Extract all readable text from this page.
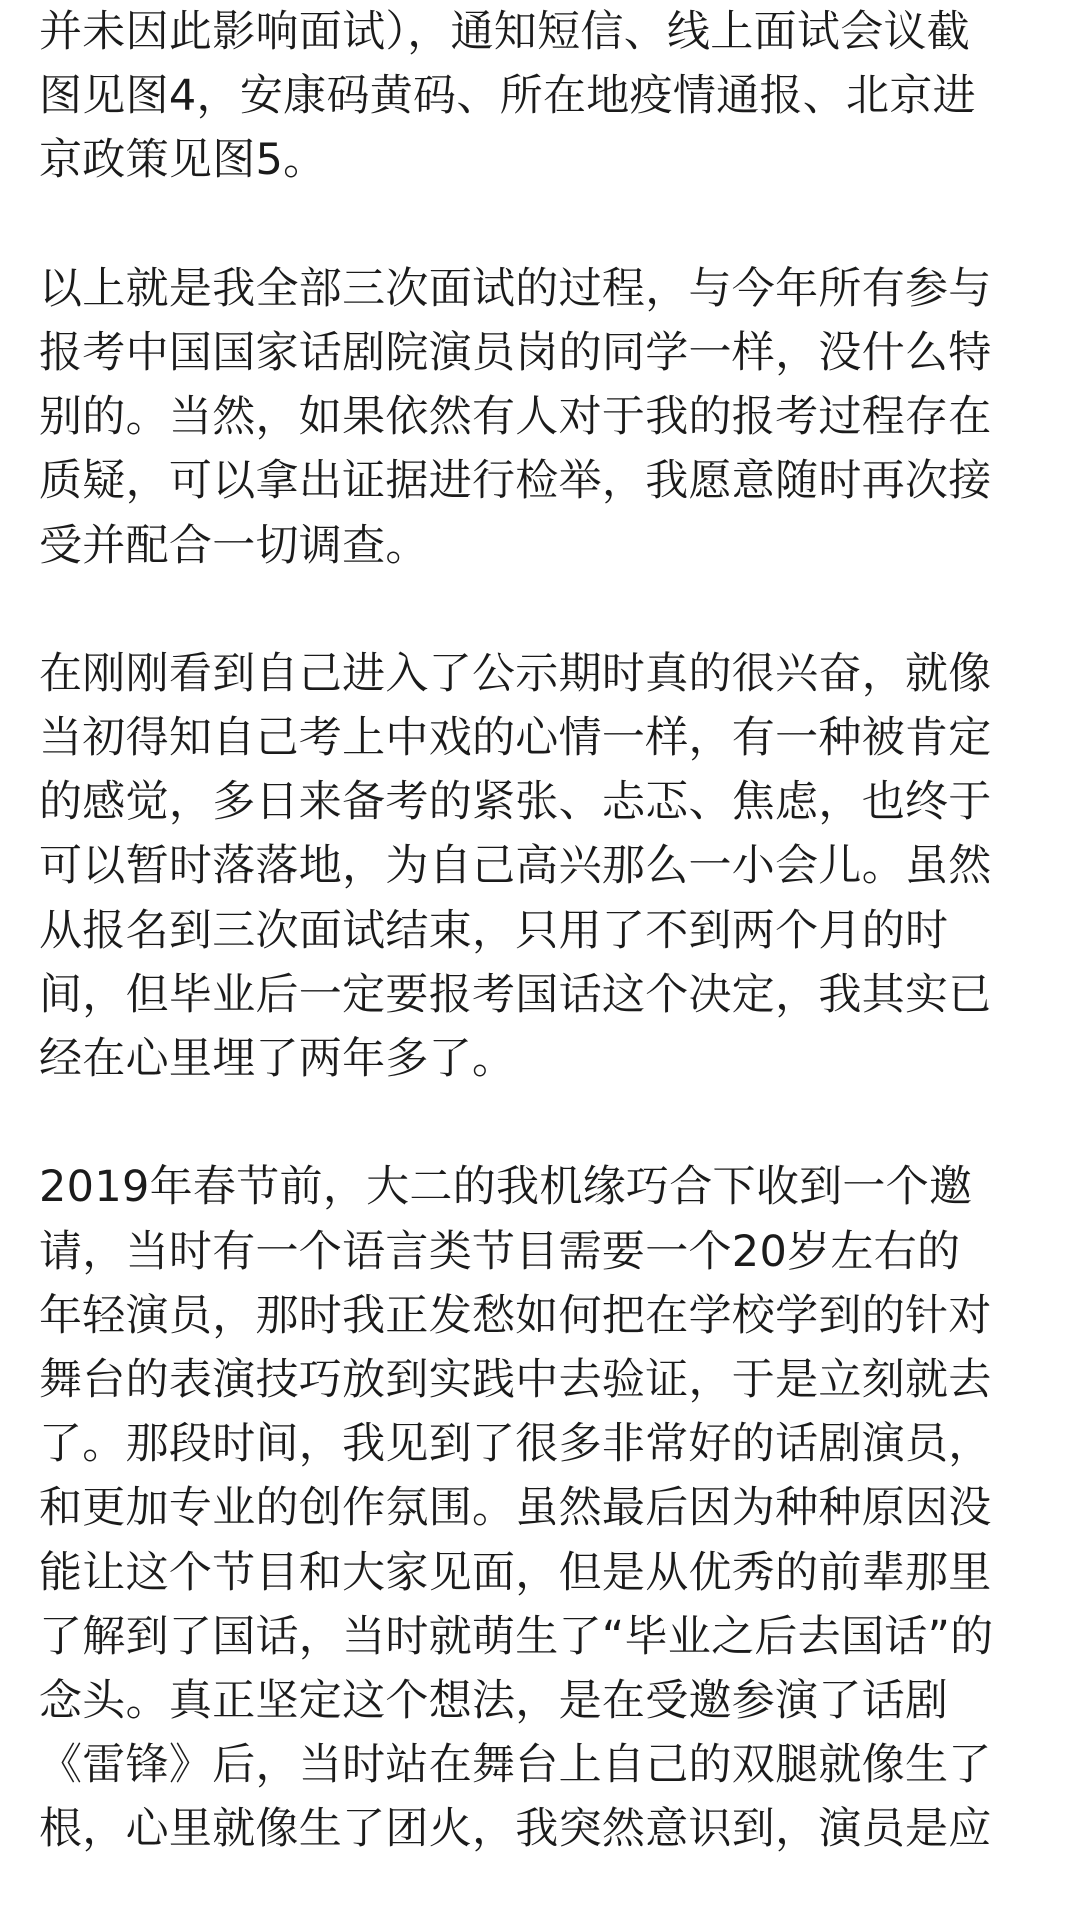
并未因此影响面试），通知短信、线上面试会议截
图见图4，安康码黄码、所在地疫情通报、北京进
京政策见图5。
以上就是我全部三次面试的过程，与今年所有参与
报考中国国家话剧院演员岗的同学一样，没什么特
别的。当然，如果依然有人对于我的报考过程存在
质疑，可以拿出证据进行检举，我愿意随时再次接
受并配合一切调查。
在刚刚看到自己进入了公示期时真的很兴奋，就像
当初得知自己考上中戏的心情一样，有一种被肯定
的感觉，多日来备考的紧张、忐忑、焦虑，也终于
可以暂时落落地，为自己高兴那么一小会儿。虽然
从报名到三次面试结束，只用了不到两个月的时
间，但毕业后一定要报考国话这个决定，我其实已
经在心里埋了两年多了。
2019年春节前，大二的我机缘巧合下收到一个邀
请，当时有一个语言类节目需要一个20岁左右的
年轻演员，那时我正发愁如何把在学校学到的针对
舞台的表演技巧放到实践中去验证，于是立刻就去
了。那段时间，我见到了很多非常好的话剧演员，
和更加专业的创作氛围。虽然最后因为种种原因没
能让这个节目和大家见面，但是从优秀的前辈那里
了解到了国话，当时就萌生了“毕业之后去国话”的
念头。真正坚定这个想法，是在受邀参演了话剧
《雷锋》后，当时站在舞台上自己的双腿就像生了
根，心里就像生了团火，我突然意识到，演员是应
